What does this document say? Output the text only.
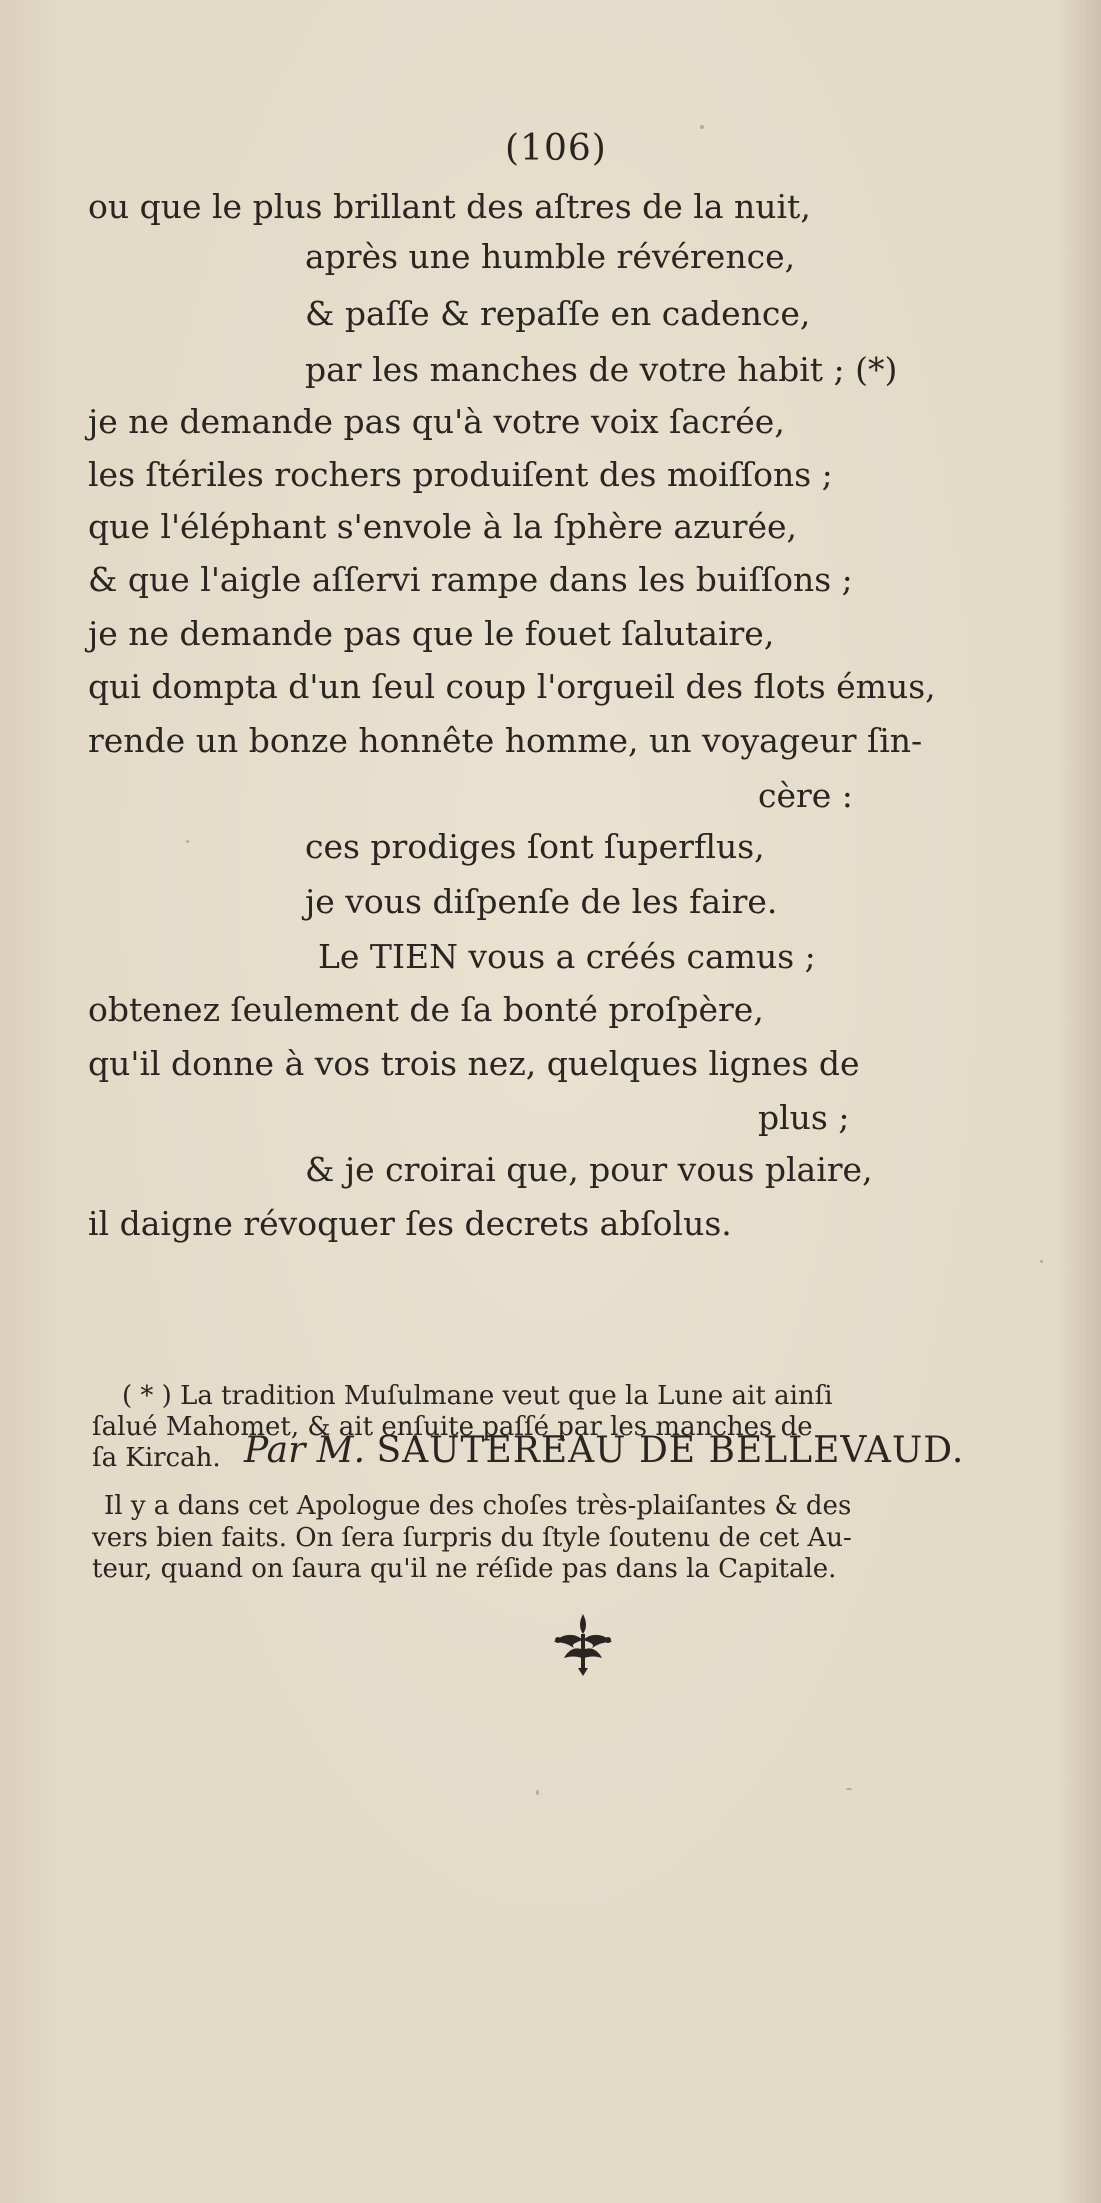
(106)
ou que le plus brillant des aſtres de la nuit,
après une humble révérence,
& paſſe & repaſſe en cadence,
par les manches de votre habit ; (*)
je ne demande pas qu'à votre voix ſacrée,
les ſtériles rochers produiſent des moiſſons ;
que l'éléphant s'envole à la ſphère azurée,
& que l'aigle aſſervi rampe dans les buiſſons ;
je ne demande pas que le fouet ſalutaire,
qui dompta d'un ſeul coup l'orgueil des flots émus,
rende un bonze honnête homme, un voyageur ſin-
cère :
ces prodiges ſont ſuperflus,
je vous diſpenſe de les faire.
Le TIEN vous a créés camus ;
obtenez ſeulement de ſa bonté proſpère,
qu'il donne à vos trois nez, quelques lignes de
plus ;
& je croirai que, pour vous plaire,
il daigne révoquer ſes decrets abſolus.
Par M. SAUTEREAU DE BELLEVAUD.
( * ) La tradition Muſulmane veut que la Lune ait ainſi
ſalué Mahomet, & ait enſuite paſſé par les manches de
ſa Kircah.
Il y a dans cet Apologue des choſes très-plaiſantes & des
vers bien faits. On ſera ſurpris du ſtyle ſoutenu de cet Au-
teur, quand on ſaura qu'il ne réſide pas dans la Capitale.
